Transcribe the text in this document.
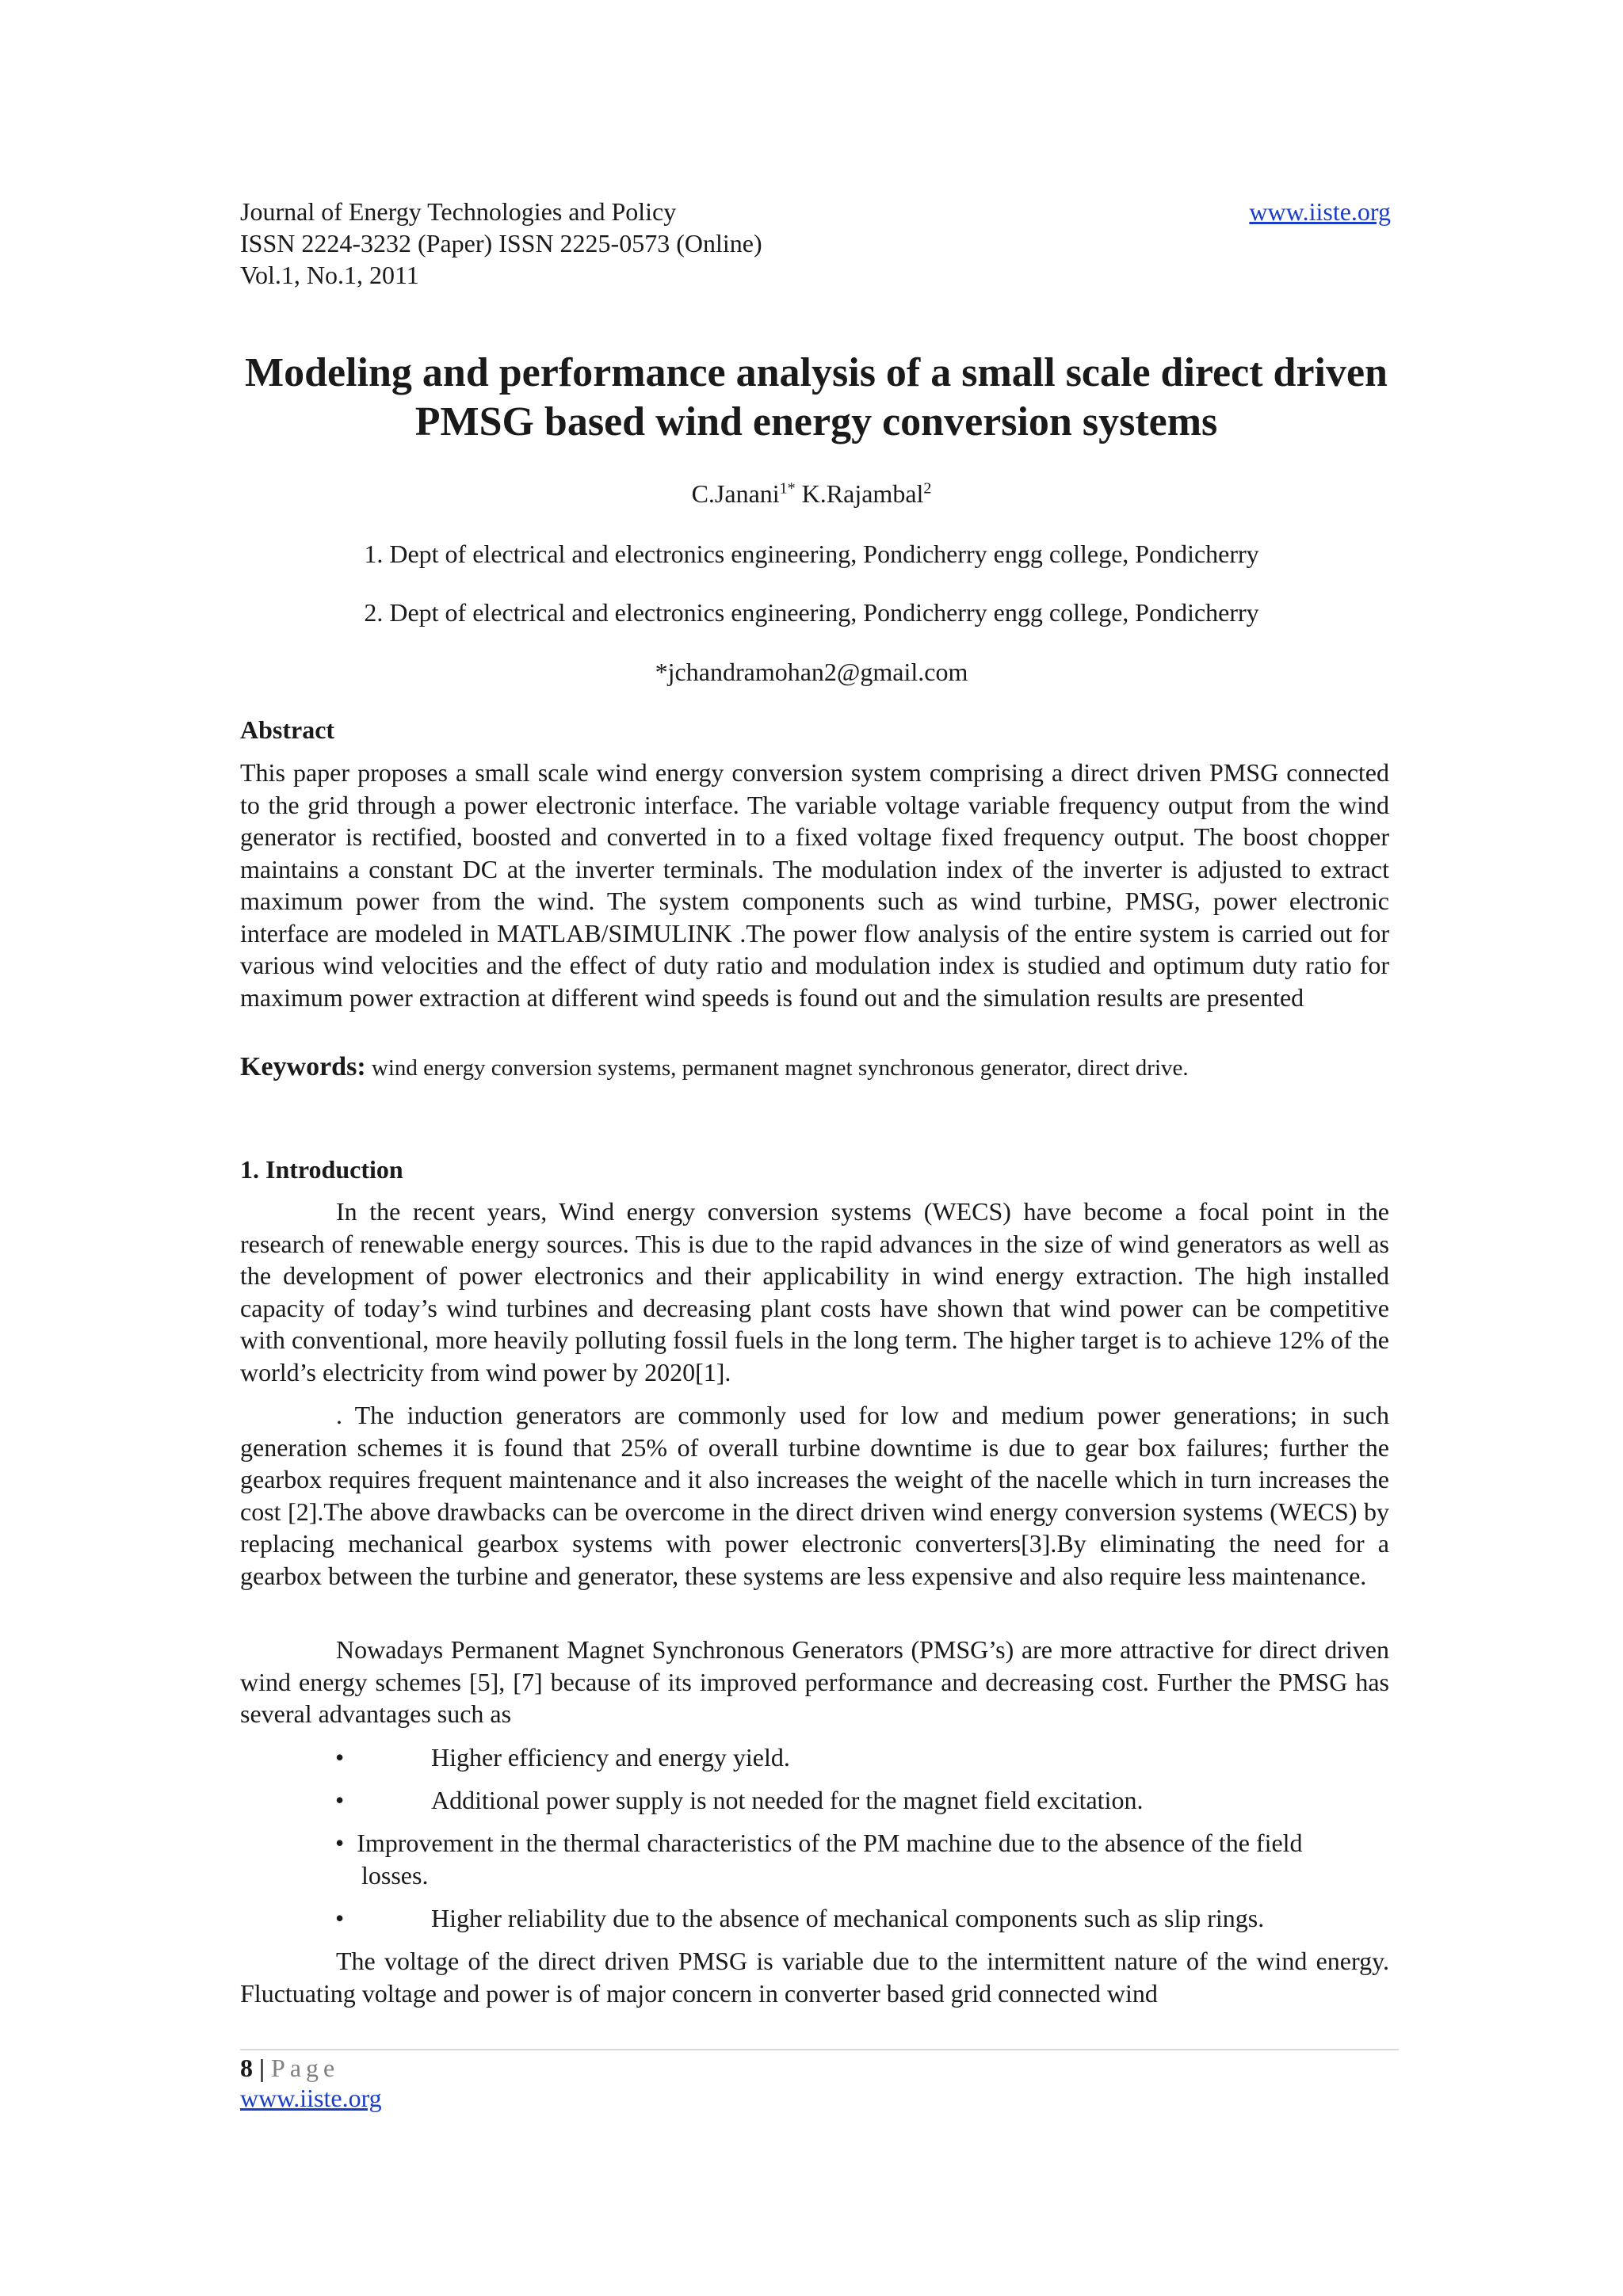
Journal of Energy Technologies and Policy
ISSN 2224-3232 (Paper) ISSN 2225-0573 (Online)
Vol.1, No.1, 2011
www.iiste.org
Modeling and performance analysis of a small scale direct driven PMSG based wind energy conversion systems
C.Janani$^{1*}$ K.Rajambal$^2$
1. Dept of electrical and electronics engineering, Pondicherry engg college, Pondicherry
2. Dept of electrical and electronics engineering, Pondicherry engg college, Pondicherry
*jchandramohan2@gmail.com
Abstract
This paper proposes a small scale wind energy conversion system comprising a direct driven PMSG connected to the grid through a power electronic interface. The variable voltage variable frequency output from the wind generator is rectified, boosted and converted in to a fixed voltage fixed frequency output. The boost chopper maintains a constant DC at the inverter terminals. The modulation index of the inverter is adjusted to extract maximum power from the wind. The system components such as wind turbine, PMSG, power electronic interface are modeled in MATLAB/SIMULINK .The power flow analysis of the entire system is carried out for various wind velocities and the effect of duty ratio and modulation index is studied and optimum duty ratio for maximum power extraction at different wind speeds is found out and the simulation results are presented
Keywords: wind energy conversion systems, permanent magnet synchronous generator, direct drive.
1. Introduction
In the recent years, Wind energy conversion systems (WECS) have become a focal point in the research of renewable energy sources. This is due to the rapid advances in the size of wind generators as well as the development of power electronics and their applicability in wind energy extraction. The high installed capacity of today’s wind turbines and decreasing plant costs have shown that wind power can be competitive with conventional, more heavily polluting fossil fuels in the long term. The higher target is to achieve 12% of the world’s electricity from wind power by 2020[1].
. The induction generators are commonly used for low and medium power generations; in such generation schemes it is found that 25% of overall turbine downtime is due to gear box failures; further the gearbox requires frequent maintenance and it also increases the weight of the nacelle which in turn increases the cost [2].The above drawbacks can be overcome in the direct driven wind energy conversion systems (WECS) by replacing mechanical gearbox systems with power electronic converters[3].By eliminating the need for a gearbox between the turbine and generator, these systems are less expensive and also require less maintenance.
Nowadays Permanent Magnet Synchronous Generators (PMSG’s) are more attractive for direct driven wind energy schemes [5], [7] because of its improved performance and decreasing cost. Further the PMSG has several advantages such as
•	Higher efficiency and energy yield.
•	Additional power supply is not needed for the magnet field excitation.
• Improvement in the thermal characteristics of the PM machine due to the absence of the field
losses.
•	Higher reliability due to the absence of mechanical components such as slip rings.
The voltage of the direct driven PMSG is variable due to the intermittent nature of the wind energy. Fluctuating voltage and power is of major concern in converter based grid connected wind
8 | Page
www.iiste.org
